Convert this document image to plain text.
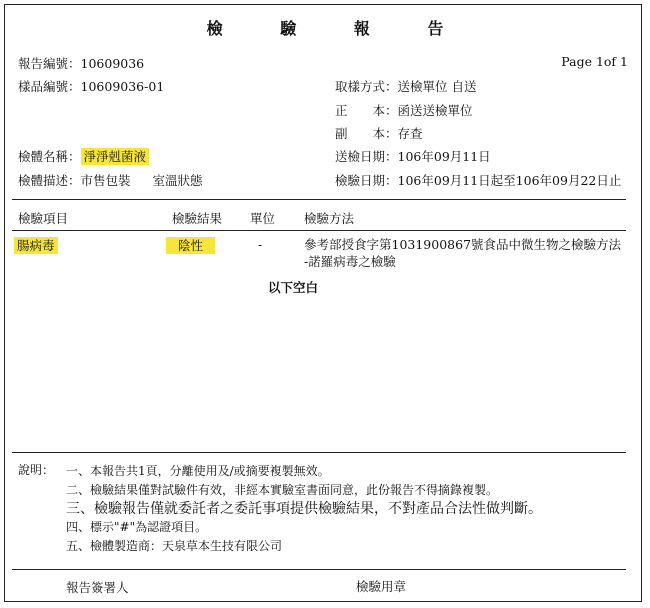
檢 驗 報 告
Page 1of 1
報告編號：10609036
樣品編號：10609036-01
檢體名稱： 淨淨剋菌液
檢體描述：市售包裝 室溫狀態
取樣方式：送檢單位 自送
正　　本：函送送檢單位
副　　本：存查
送檢日期：106年09月11日
檢驗日期：106年09月11日起至106年09月22日止
檢驗項目	檢驗結果 單位 檢驗方法
腸病毒	陰性	-	參考部授食字第1031900867號食品中微生物之檢驗方法
-諾羅病毒之檢驗
以下空白
說明： 一、本報告共1頁，分離使用及/或摘要複製無效。
二、檢驗結果僅對試驗件有效，非經本實驗室書面同意，此份報告不得摘錄複製。
三、檢驗報告僅就委託者之委託事項提供檢驗結果，不對產品合法性做判斷。
四、標示"#"為認證項目。
五、檢體製造商：天泉草本生技有限公司
報告簽署人	檢驗用章
